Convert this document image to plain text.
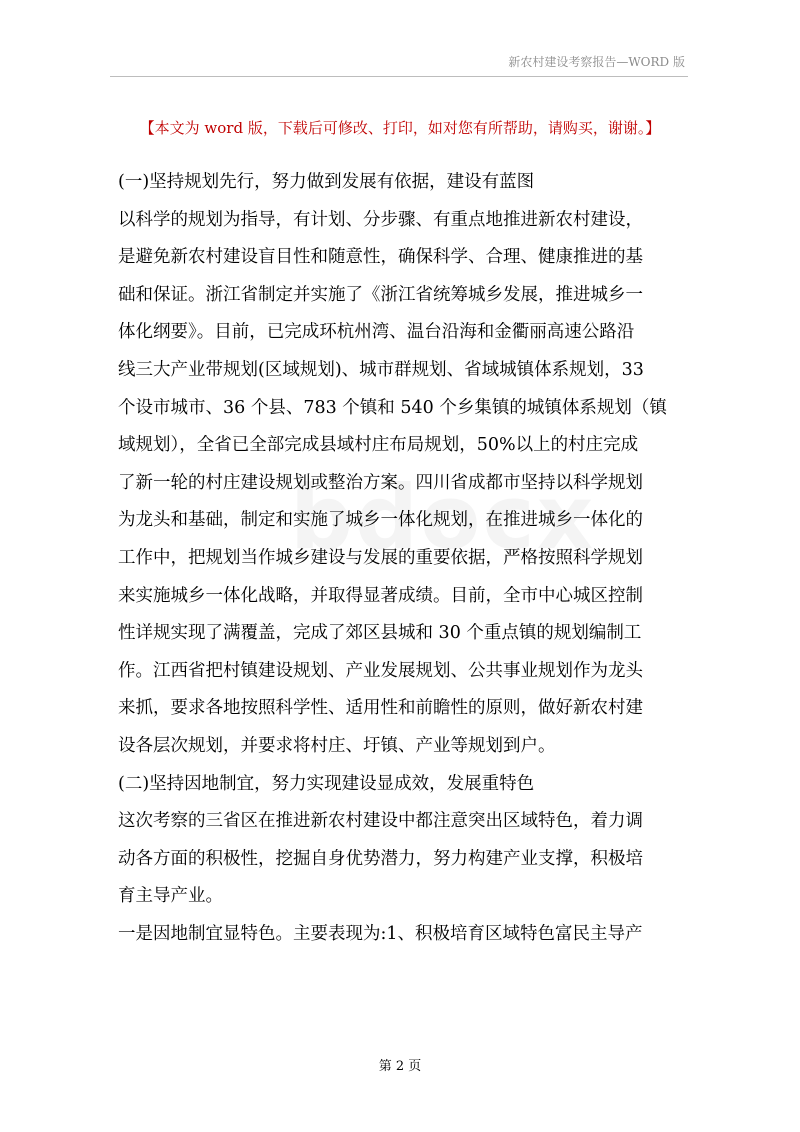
新农村建设考察报告—WORD 版
【本文为 word 版，下载后可修改、打印，如对您有所帮助，请购买，谢谢。】
(一)坚持规划先行，努力做到发展有依据，建设有蓝图
以科学的规划为指导，有计划、分步骤、有重点地推进新农村建设，
是避免新农村建设盲目性和随意性，确保科学、合理、健康推进的基
础和保证。浙江省制定并实施了《浙江省统筹城乡发展，推进城乡一
体化纲要》。目前，已完成环杭州湾、温台沿海和金衢丽高速公路沿
线三大产业带规划(区域规划)、城市群规划、省域城镇体系规划，33
个设市城市、36 个县、783 个镇和 540 个乡集镇的城镇体系规划（镇
域规划），全省已全部完成县域村庄布局规划，50%以上的村庄完成
了新一轮的村庄建设规划或整治方案。四川省成都市坚持以科学规划
为龙头和基础，制定和实施了城乡一体化规划，在推进城乡一体化的
工作中，把规划当作城乡建设与发展的重要依据，严格按照科学规划
来实施城乡一体化战略，并取得显著成绩。目前，全市中心城区控制
性详规实现了满覆盖，完成了郊区县城和 30 个重点镇的规划编制工
作。江西省把村镇建设规划、产业发展规划、公共事业规划作为龙头
来抓，要求各地按照科学性、适用性和前瞻性的原则，做好新农村建
设各层次规划，并要求将村庄、圩镇、产业等规划到户。
(二)坚持因地制宜，努力实现建设显成效，发展重特色
这次考察的三省区在推进新农村建设中都注意突出区域特色，着力调
动各方面的积极性，挖掘自身优势潜力，努力构建产业支撑，积极培
育主导产业。
一是因地制宜显特色。主要表现为:1、积极培育区域特色富民主导产
第 2 页
